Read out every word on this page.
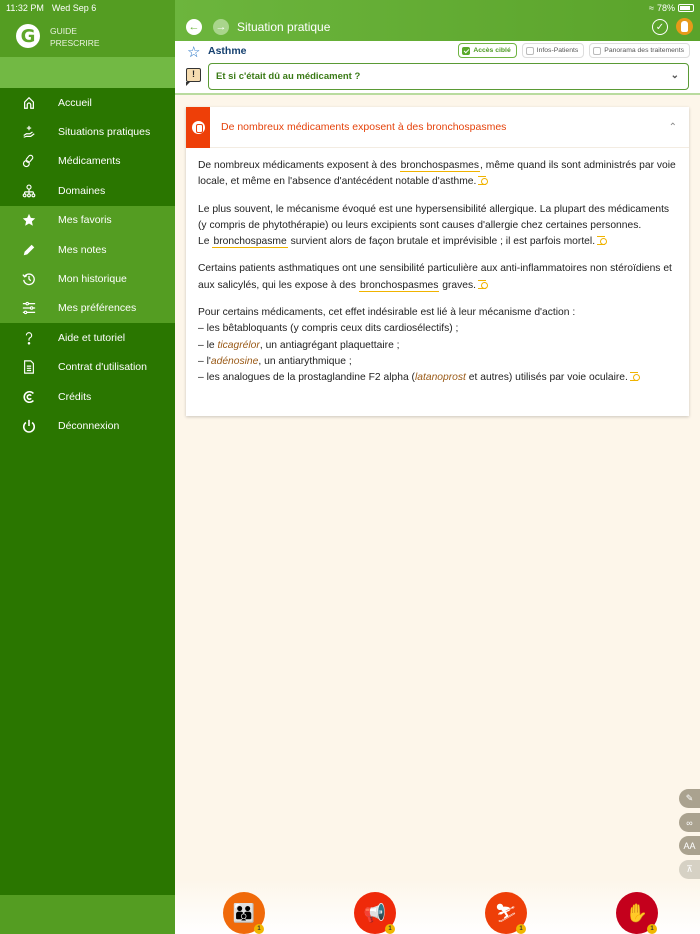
11:32 PM Wed Sep 6
G GUIDE
PRESCRIRE
Accueil
Situations pratiques
Médicaments
Domaines
Mes favoris
Mes notes
Mon historique
Mes préférences
Aide et tutoriel
Contrat d'utilisation
Crédits
Déconnexion
≈ 78%
← → Situation pratique	✓
☆ Asthme	Accès ciblé	Infos-Patients	Panorama des traitements
!	Et si c'était dû au médicament ?	⌄
De nombreux médicaments exposent à des bronchospasmes	⌃

De nombreux médicaments exposent à des bronchospasmes, même quand ils sont administrés par voie locale, et même en l'absence d'antécédent notable d'asthme.

Le plus souvent, le mécanisme évoqué est une hypersensibilité allergique. La plupart des médicaments (y compris de phytothérapie) ou leurs excipients sont causes d'allergie chez certaines personnes. Le bronchospasme survient alors de façon brutale et imprévisible ; il est parfois mortel.

Certains patients asthmatiques ont une sensibilité particulière aux anti-inflammatoires non stéroïdiens et aux salicylés, qui les expose à des bronchospasmes graves.

Pour certains médicaments, cet effet indésirable est lié à leur mécanisme d'action :
– les bêtabloquants (y compris ceux dits cardiosélectifs) ;
– le ticagrélor, un antiagrégant plaquettaire ;
– l'adénosine, un antiarythmique ;
– les analogues de la prostaglandine F2 alpha (latanoprost et autres) utilisés par voie oculaire.
✎
∞
AA
⊼
👪
1
📢
1
⛷
1
✋
1
